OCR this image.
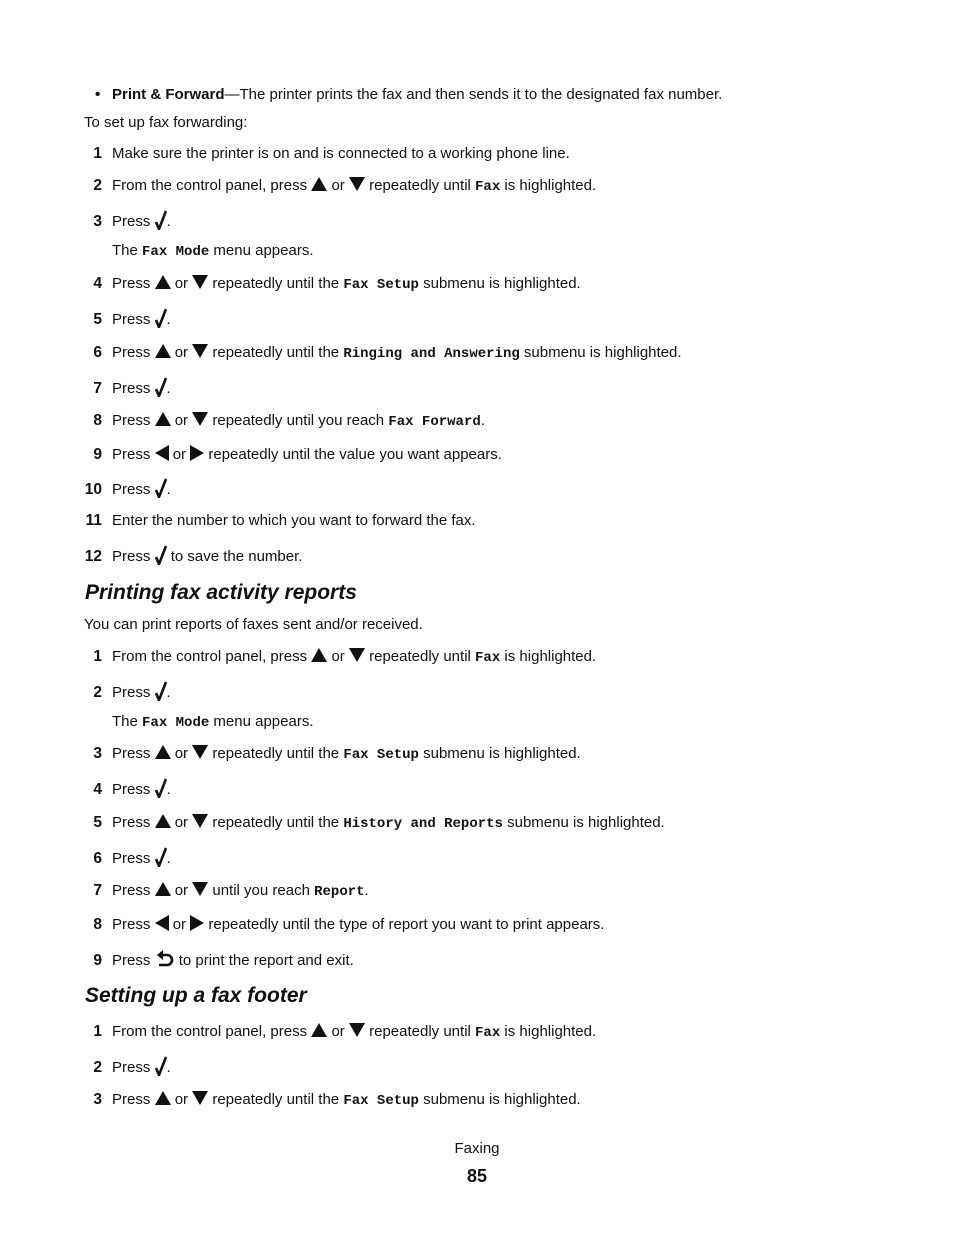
• Print & Forward—The printer prints the fax and then sends it to the designated fax number.
To set up fax forwarding:
1 Make sure the printer is on and is connected to a working phone line.
2 From the control panel, press or repeatedly until Fax is highlighted.
3 Press .
The Fax Mode menu appears.
4 Press or repeatedly until the Fax Setup submenu is highlighted.
5 Press .
6 Press or repeatedly until the Ringing and Answering submenu is highlighted.
7 Press .
8 Press or repeatedly until you reach Fax Forward.
9 Press or repeatedly until the value you want appears.
10 Press .
11 Enter the number to which you want to forward the fax.
12 Press to save the number.
Printing fax activity reports
You can print reports of faxes sent and/or received.
1 From the control panel, press or repeatedly until Fax is highlighted.
2 Press .
The Fax Mode menu appears.
3 Press or repeatedly until the Fax Setup submenu is highlighted.
4 Press .
5 Press or repeatedly until the History and Reports submenu is highlighted.
6 Press .
7 Press or until you reach Report.
8 Press or repeatedly until the type of report you want to print appears.
9 Press to print the report and exit.
Setting up a fax footer
1 From the control panel, press or repeatedly until Fax is highlighted.
2 Press .
3 Press or repeatedly until the Fax Setup submenu is highlighted.
Faxing
85
